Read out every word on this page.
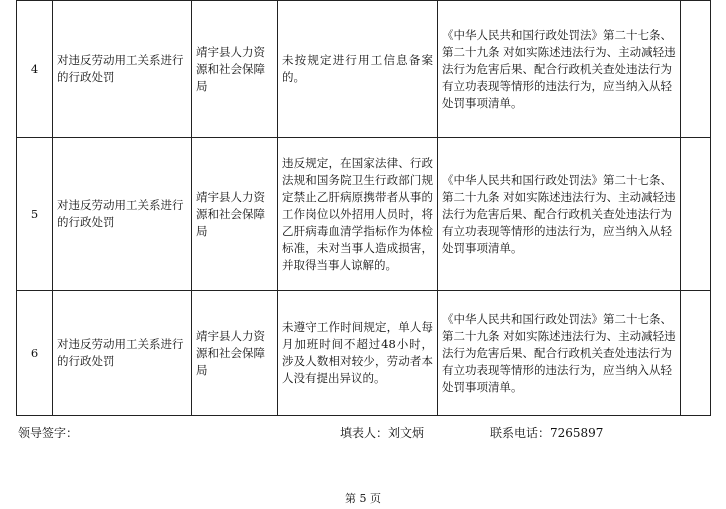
4	对违反劳动用工关系进行的行政处罚	靖宇县人力资源和社会保障局	未按规定进行用工信息备案的。	《中华人民共和国行政处罚法》第二十七条、第二十九条 对如实陈述违法行为、主动减轻违法行为危害后果、配合行政机关查处违法行为有立功表现等情形的违法行为，应当纳入从轻处罚事项清单。	
5	对违反劳动用工关系进行的行政处罚	靖宇县人力资源和社会保障局	违反规定，在国家法律、行政法规和国务院卫生行政部门规定禁止乙肝病原携带者从事的工作岗位以外招用人员时，将乙肝病毒血清学指标作为体检标准，未对当事人造成损害，并取得当事人谅解的。	《中华人民共和国行政处罚法》第二十七条、第二十九条 对如实陈述违法行为、主动减轻违法行为危害后果、配合行政机关查处违法行为有立功表现等情形的违法行为，应当纳入从轻处罚事项清单。	
6	对违反劳动用工关系进行的行政处罚	靖宇县人力资源和社会保障局	未遵守工作时间规定，单人每月加班时间不超过48小时，涉及人数相对较少，劳动者本人没有提出异议的。	《中华人民共和国行政处罚法》第二十七条、第二十九条 对如实陈述违法行为、主动减轻违法行为危害后果、配合行政机关查处违法行为有立功表现等情形的违法行为，应当纳入从轻处罚事项清单。	
领导签字：	填表人：刘文炳	联系电话：7265897
第 5 页
